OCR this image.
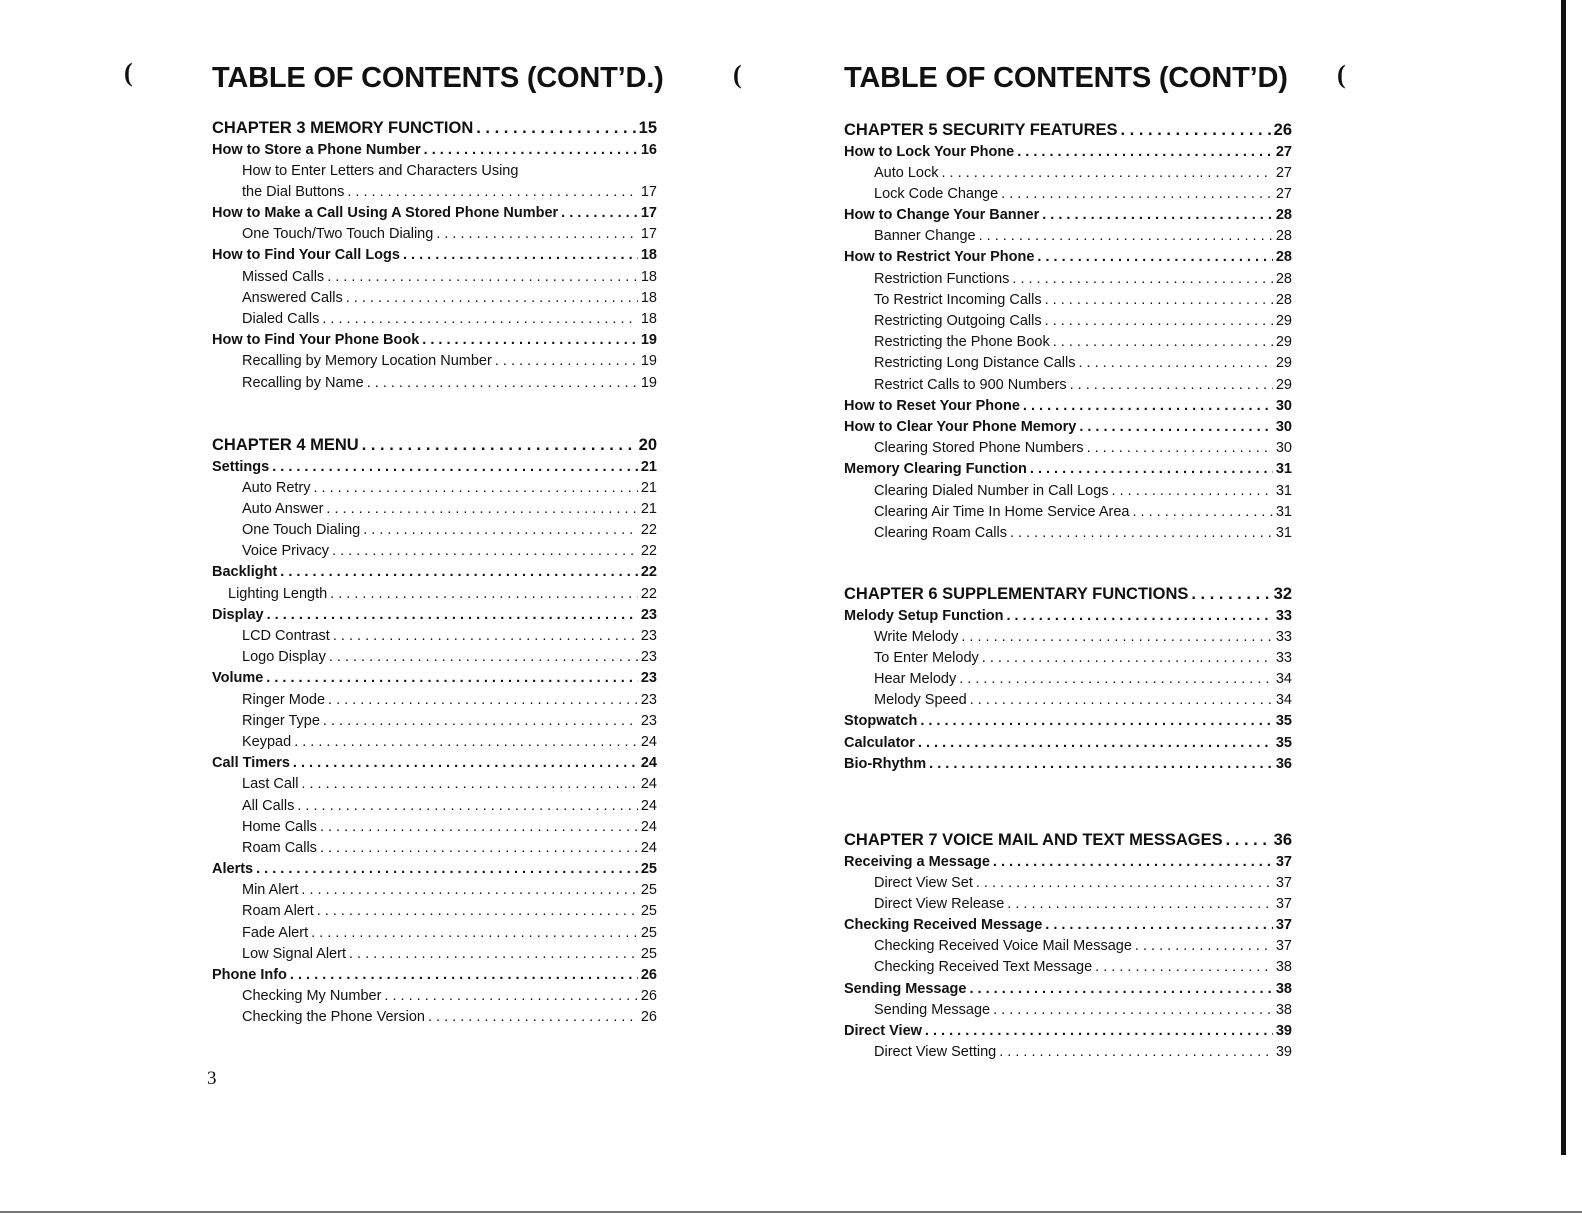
(	(	(
TABLE OF CONTENTS (CONT’D.)
CHAPTER 3 MEMORY FUNCTION . . .	15
How to Store a Phone Number . . .	16
How to Enter Letters and Characters Using
the Dial Buttons . . .	17
How to Make a Call Using A Stored Phone Number . . .	17
One Touch/Two Touch Dialing . . .	17
How to Find Your Call Logs . . .	18
Missed Calls . . .	18
Answered Calls . . .	18
Dialed Calls . . .	18
How to Find Your Phone Book . . .	19
Recalling by Memory Location Number . . .	19
Recalling by Name . . .	19
CHAPTER 4 MENU . . .	20
Settings . . .	21
Auto Retry . . .	21
Auto Answer . . .	21
One Touch Dialing . . .	22
Voice Privacy . . .	22
Backlight . . .	22
Lighting Length . . .	22
Display . . .	23
LCD Contrast . . .	23
Logo Display . . .	23
Volume . . .	23
Ringer Mode . . .	23
Ringer Type . . .	23
Keypad . . .	24
Call Timers . . .	24
Last Call . . .	24
All Calls . . .	24
Home Calls . . .	24
Roam Calls . . .	24
Alerts . . .	25
Min Alert . . .	25
Roam Alert . . .	25
Fade Alert . . .	25
Low Signal Alert . . .	25
Phone Info . . .	26
Checking My Number . . .	26
Checking the Phone Version . . .	26
TABLE OF CONTENTS (CONT’D)
CHAPTER 5 SECURITY FEATURES . . .	26
How to Lock Your Phone . . .	27
Auto Lock . . .	27
Lock Code Change . . .	27
How to Change Your Banner . . .	28
Banner Change . . .	28
How to Restrict Your Phone . . .	28
Restriction Functions . . .	28
To Restrict Incoming Calls . . .	28
Restricting Outgoing Calls . . .	29
Restricting the Phone Book . . .	29
Restricting Long Distance Calls . . .	29
Restrict Calls to 900 Numbers . . .	29
How to Reset Your Phone . . .	30
How to Clear Your Phone Memory . . .	30
Clearing Stored Phone Numbers . . .	30
Memory Clearing Function . . .	31
Clearing Dialed Number in Call Logs . . .	31
Clearing Air Time In Home Service Area . . .	31
Clearing Roam Calls . . .	31
CHAPTER 6 SUPPLEMENTARY FUNCTIONS . . .	32
Melody Setup Function . . .	33
Write Melody . . .	33
To Enter Melody . . .	33
Hear Melody . . .	34
Melody Speed . . .	34
Stopwatch . . .	35
Calculator . . .	35
Bio-Rhythm . . .	36
CHAPTER 7 VOICE MAIL AND TEXT MESSAGES . . .	36
Receiving a Message . . .	37
Direct View Set . . .	37
Direct View Release . . .	37
Checking Received Message . . .	37
Checking Received Voice Mail Message . . .	37
Checking Received Text Message . . .	38
Sending Message . . .	38
Sending Message . . .	38
Direct View . . .	39
Direct View Setting . . .	39
3
